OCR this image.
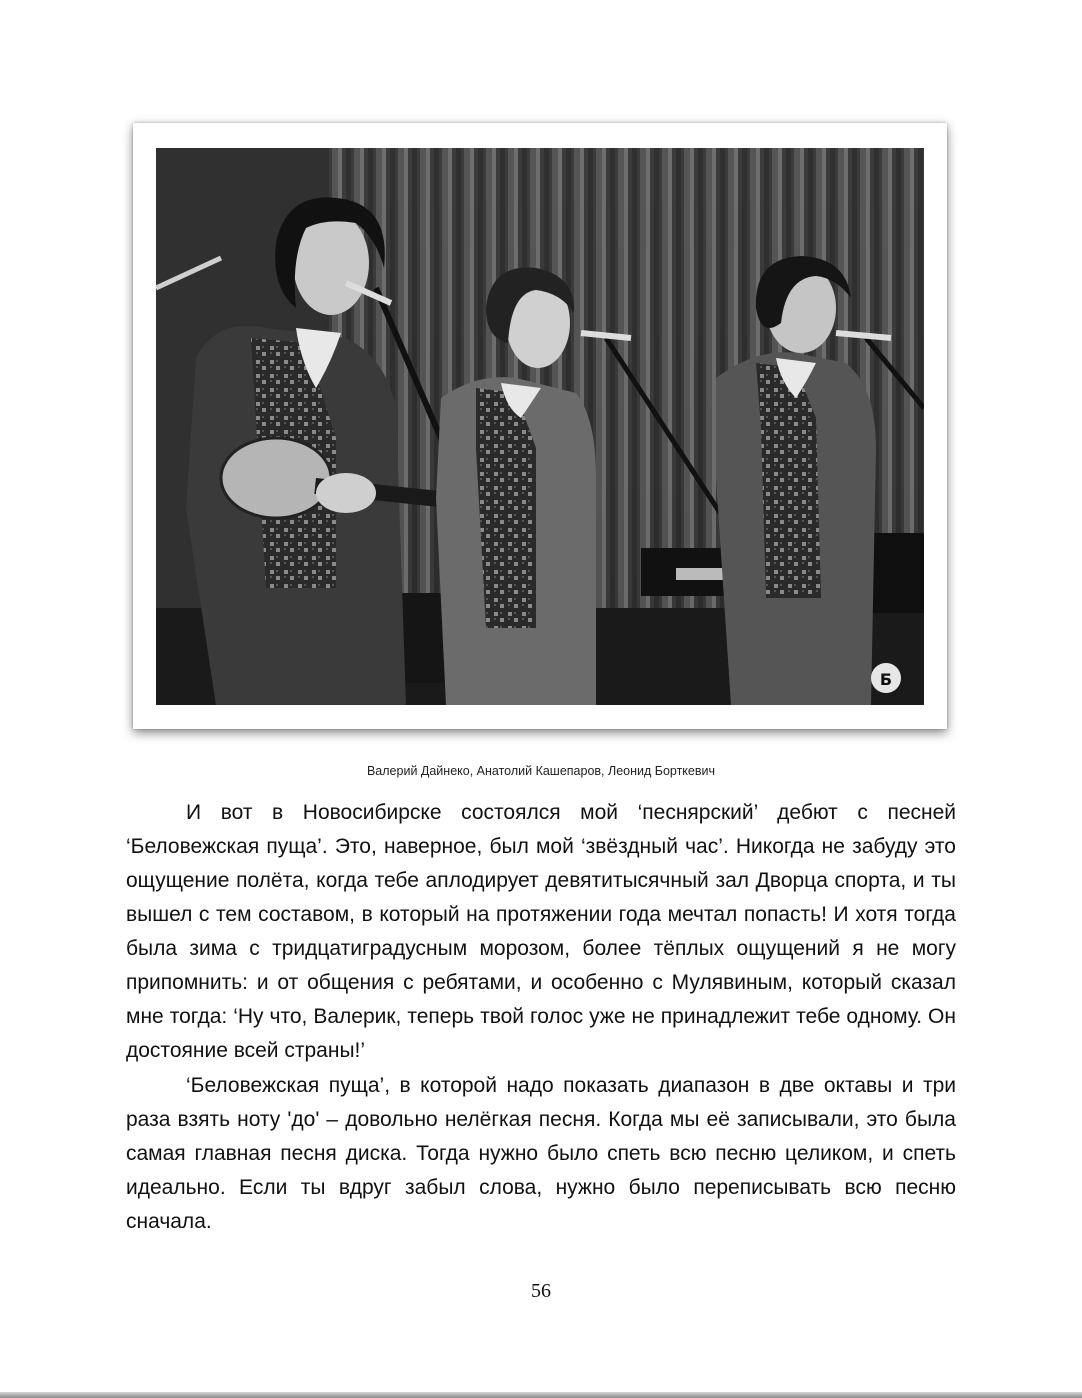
Б
Валерий Дайнеко, Анатолий Кашепаров, Леонид Борткевич

И вот в Новосибирске состоялся мой ‘песнярский’ дебют с песней ‘Беловежская пуща’. Это, наверное, был мой ‘звёздный час’. Никогда не забуду это ощущение полёта, когда тебе аплодирует девятитысячный зал Дворца спорта, и ты вышел с тем составом, в который на протяжении года мечтал попасть! И хотя тогда была зима с тридцатиградусным морозом, более тёплых ощущений я не могу припомнить: и от общения с ребятами, и особенно с Мулявиным, который сказал мне тогда: ‘Ну что, Валерик, теперь твой голос уже не принадлежит тебе одному. Он достояние всей страны!’

‘Беловежская пуща’, в которой надо показать диапазон в две октавы и три раза взять ноту 'до' – довольно нелёгкая песня. Когда мы её записывали, это была самая главная песня диска. Тогда нужно было спеть всю песню целиком, и спеть идеально. Если ты вдруг забыл слова, нужно было переписывать всю песню сначала.

56
